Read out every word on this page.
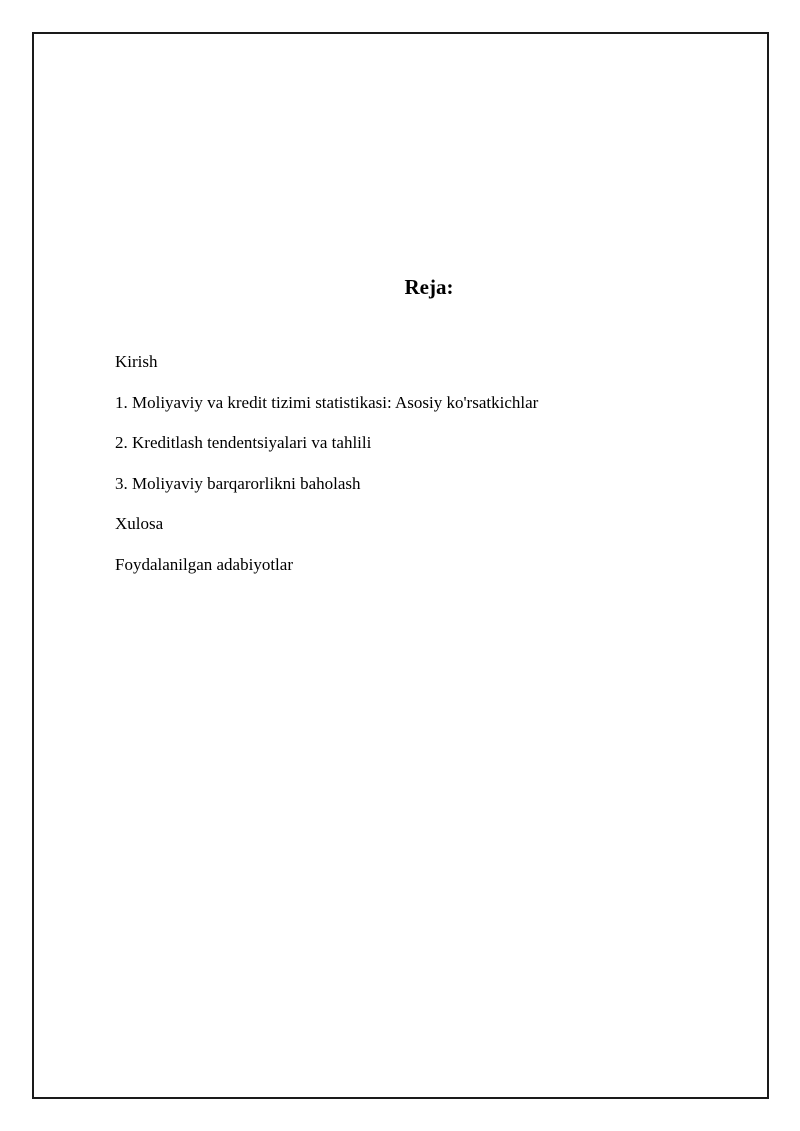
Reja:
Kirish
1. Moliyaviy va kredit tizimi statistikasi: Asosiy ko'rsatkichlar
2. Kreditlash tendentsiyalari va tahlili
3. Moliyaviy barqarorlikni baholash
Xulosa
Foydalanilgan adabiyotlar
